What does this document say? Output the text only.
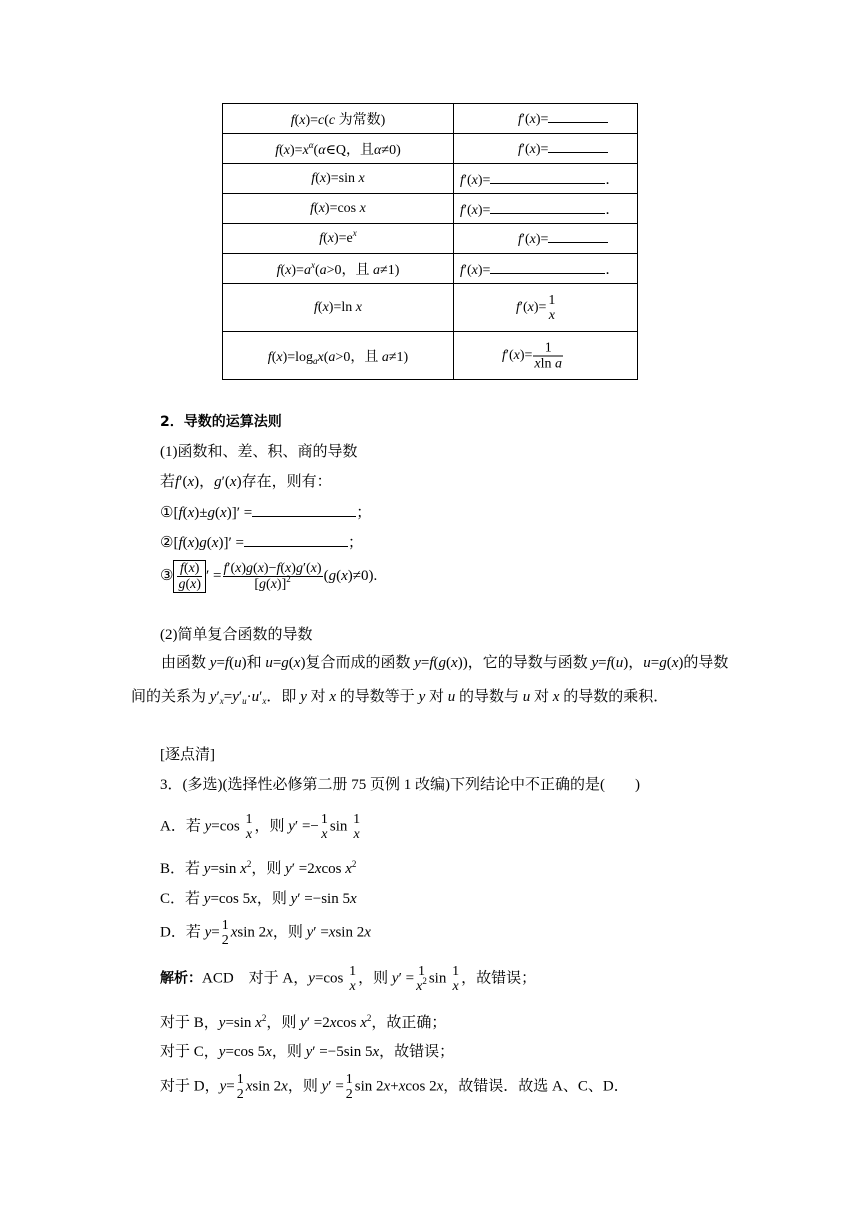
f(x)=c(c 为常数)	f′(x)=

$f(x)=x^\alpha(\alpha\in Q$，且α≠0)	f′(x)=

f(x)=sin x	f′(x)= ．

f(x)=cos x	f′(x)= ．

$f(x)=e^x$	f′(x)=

$f(x)=a^x(a>0$，且 a≠1)	f′(x)= ．

f(x)=ln x	f′(x)= 1
x

$f(x)=\log_ax(a>0$，且 a≠1)	$f'(x)= \frac{1}{\text{xln a}}$
2．导数的运算法则
(1)函数和、差、积、商的导数
若f′(x)，g′(x)存在，则有：
①[f(x)±g(x)]′ =	；
②[f(x)g(x)]′ =	；
③ $\frac{f(x)}{g(x)}$ ′ = $\frac{f'(x)g(x)-f(x)g'(x)}{[g(x)]^2} (g(x)\ne 0)$.
(2)简单复合函数的导数
由函数 y=f(u)和 u=g(x)复合而成的函数 y=f(g(x))，它的导数与函数 y=f(u)，u=g(x)的导数间的关系为 $y'_x=y'_u\cdot u'_x$．即 y 对 x 的导数等于 y 对 u 的导数与 u 对 x 的导数的乘积．
[逐点清]
3．(多选)(选择性必修第二册 75 页例 1 改编)下列结论中不正确的是(　　)
A．若 y=cos 1
x
，则 y′ =− 1
x
sin 1
x
B．若 y=sin $x^2$，则 y′ =2xcos $x^2$
C．若 y=cos 5x，则 y′ =−sin 5x
D．若 y= 1
2
xsin 2x，则 y′ =xsin 2x
解析：ACD　对于 A，y=cos 1
x
，则 y′ = 1
$x^2$ sin 1
x
，故错误；
对于 B，y=sin $x^2$，则 y′ =2xcos $x^2$，故正确；
对于 C，y=cos 5x，则 y′ =−5sin 5x，故错误；
对于 D，y= 1
2
xsin 2x，则 y′ = 1
2
sin 2x+xcos 2x，故错误．故选 A、C、D．
